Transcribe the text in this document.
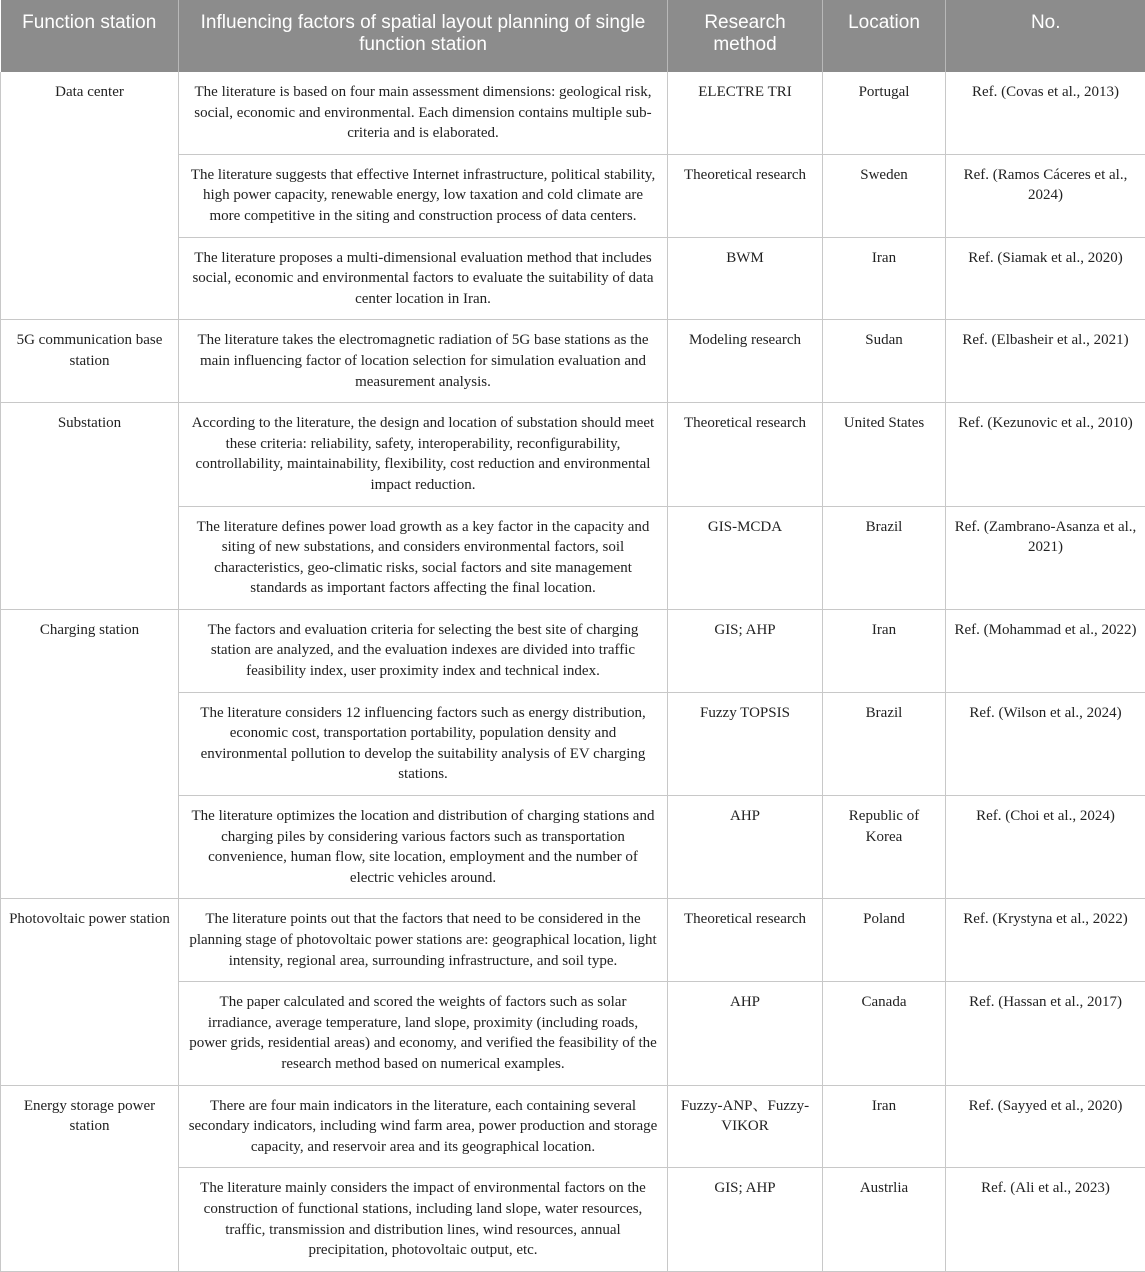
Function station	Influencing factors of spatial layout planning of single function station	Research method	Location	No.
Data center	The literature is based on four main assessment dimensions: geological risk, social, economic and environmental. Each dimension contains multiple sub-criteria and is elaborated.	ELECTRE TRI	Portugal	Ref. (Covas et al., 2013)
	The literature suggests that effective Internet infrastructure, political stability, high power capacity, renewable energy, low taxation and cold climate are more competitive in the siting and construction process of data centers.	Theoretical research	Sweden	Ref. (Ramos Cáceres et al., 2024)
	The literature proposes a multi-dimensional evaluation method that includes social, economic and environmental factors to evaluate the suitability of data center location in Iran.	BWM	Iran	Ref. (Siamak et al., 2020)
5G communication base station	The literature takes the electromagnetic radiation of 5G base stations as the main influencing factor of location selection for simulation evaluation and measurement analysis.	Modeling research	Sudan	Ref. (Elbasheir et al., 2021)
Substation	According to the literature, the design and location of substation should meet these criteria: reliability, safety, interoperability, reconfigurability, controllability, maintainability, flexibility, cost reduction and environmental impact reduction.	Theoretical research	United States	Ref. (Kezunovic et al., 2010)
	The literature defines power load growth as a key factor in the capacity and siting of new substations, and considers environmental factors, soil characteristics, geo-climatic risks, social factors and site management standards as important factors affecting the final location.	GIS-MCDA	Brazil	Ref. (Zambrano-Asanza et al., 2021)
Charging station	The factors and evaluation criteria for selecting the best site of charging station are analyzed, and the evaluation indexes are divided into traffic feasibility index, user proximity index and technical index.	GIS; AHP	Iran	Ref. (Mohammad et al., 2022)
	The literature considers 12 influencing factors such as energy distribution, economic cost, transportation portability, population density and environmental pollution to develop the suitability analysis of EV charging stations.	Fuzzy TOPSIS	Brazil	Ref. (Wilson et al., 2024)
	The literature optimizes the location and distribution of charging stations and charging piles by considering various factors such as transportation convenience, human flow, site location, employment and the number of electric vehicles around.	AHP	Republic of Korea	Ref. (Choi et al., 2024)
Photovoltaic power station	The literature points out that the factors that need to be considered in the planning stage of photovoltaic power stations are: geographical location, light intensity, regional area, surrounding infrastructure, and soil type.	Theoretical research	Poland	Ref. (Krystyna et al., 2022)
	The paper calculated and scored the weights of factors such as solar irradiance, average temperature, land slope, proximity (including roads, power grids, residential areas) and economy, and verified the feasibility of the research method based on numerical examples.	AHP	Canada	Ref. (Hassan et al., 2017)
Energy storage power station	There are four main indicators in the literature, each containing several secondary indicators, including wind farm area, power production and storage capacity, and reservoir area and its geographical location.	Fuzzy-ANP、Fuzzy-VIKOR	Iran	Ref. (Sayyed et al., 2020)
	The literature mainly considers the impact of environmental factors on the construction of functional stations, including land slope, water resources, traffic, transmission and distribution lines, wind resources, annual precipitation, photovoltaic output, etc.	GIS; AHP	Austrlia	Ref. (Ali et al., 2023)
